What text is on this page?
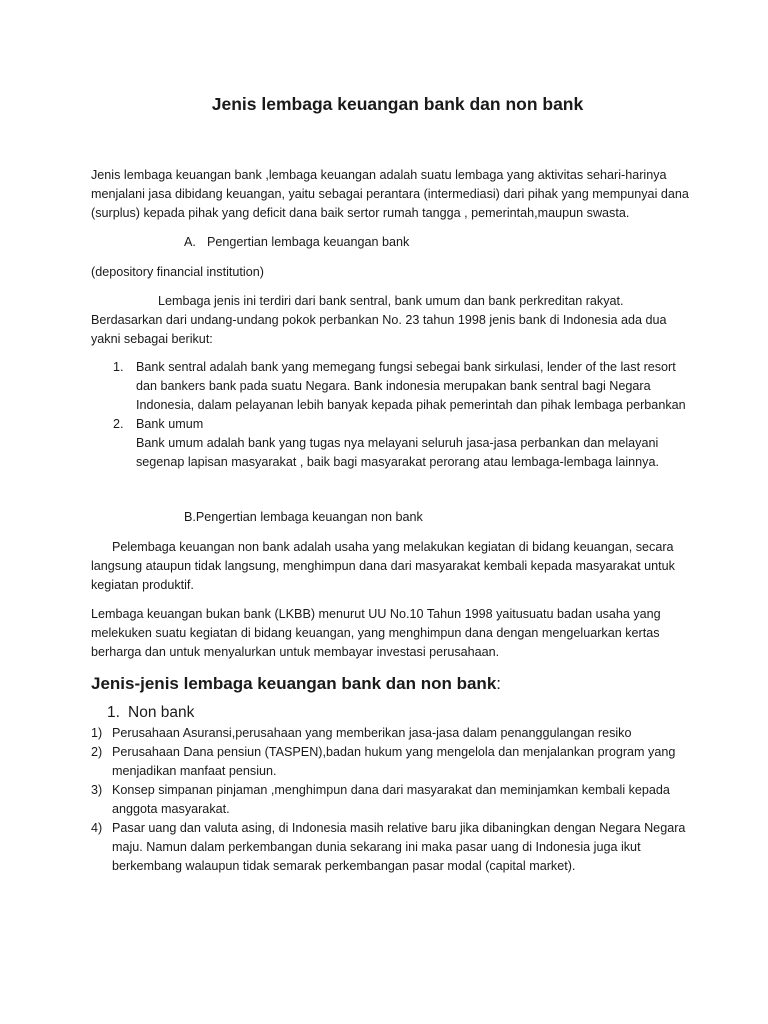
Jenis lembaga keuangan bank dan non bank

Jenis lembaga keuangan bank ,lembaga keuangan adalah suatu lembaga yang aktivitas sehari-harinya menjalani jasa dibidang keuangan, yaitu sebagai perantara (intermediasi) dari pihak yang mempunyai dana (surplus) kepada pihak yang deficit dana baik sertor rumah tangga , pemerintah,maupun swasta.

A. Pengertian lembaga keuangan bank

(depository financial institution)

Lembaga jenis ini terdiri dari bank sentral, bank umum dan bank perkreditan rakyat. Berdasarkan dari undang-undang pokok perbankan No. 23 tahun 1998 jenis bank di Indonesia ada dua yakni sebagai berikut:

1. Bank sentral adalah bank yang memegang fungsi sebegai bank sirkulasi, lender of the last resort dan bankers bank pada suatu Negara. Bank indonesia merupakan bank sentral bagi Negara Indonesia, dalam pelayanan lebih banyak kepada pihak pemerintah dan pihak lembaga perbankan
2. Bank umum
Bank umum adalah bank yang tugas nya melayani seluruh jasa-jasa perbankan dan melayani segenap lapisan masyarakat , baik bagi masyarakat perorang atau lembaga-lembaga lainnya.

B.Pengertian lembaga keuangan non bank

Pelembaga keuangan non bank adalah usaha yang melakukan kegiatan di bidang keuangan, secara langsung ataupun tidak langsung, menghimpun dana dari masyarakat kembali kepada masyarakat untuk kegiatan produktif.

Lembaga keuangan bukan bank (LKBB) menurut UU No.10 Tahun 1998 yaitusuatu badan usaha yang melekuken suatu kegiatan di bidang keuangan, yang menghimpun dana dengan mengeluarkan kertas berharga dan untuk menyalurkan untuk membayar investasi perusahaan.

Jenis-jenis lembaga keuangan bank dan non bank:
1. Non bank
1) Perusahaan Asuransi,perusahaan yang memberikan jasa-jasa dalam penanggulangan resiko
2) Perusahaan Dana pensiun (TASPEN),badan hukum yang mengelola dan menjalankan program yang menjadikan manfaat pensiun.
3) Konsep simpanan pinjaman ,menghimpun dana dari masyarakat dan meminjamkan kembali kepada anggota masyarakat.
4) Pasar uang dan valuta asing, di Indonesia masih relative baru jika dibaningkan dengan Negara Negara maju. Namun dalam perkembangan dunia sekarang ini maka pasar uang di Indonesia juga ikut berkembang walaupun tidak semarak perkembangan pasar modal (capital market).
